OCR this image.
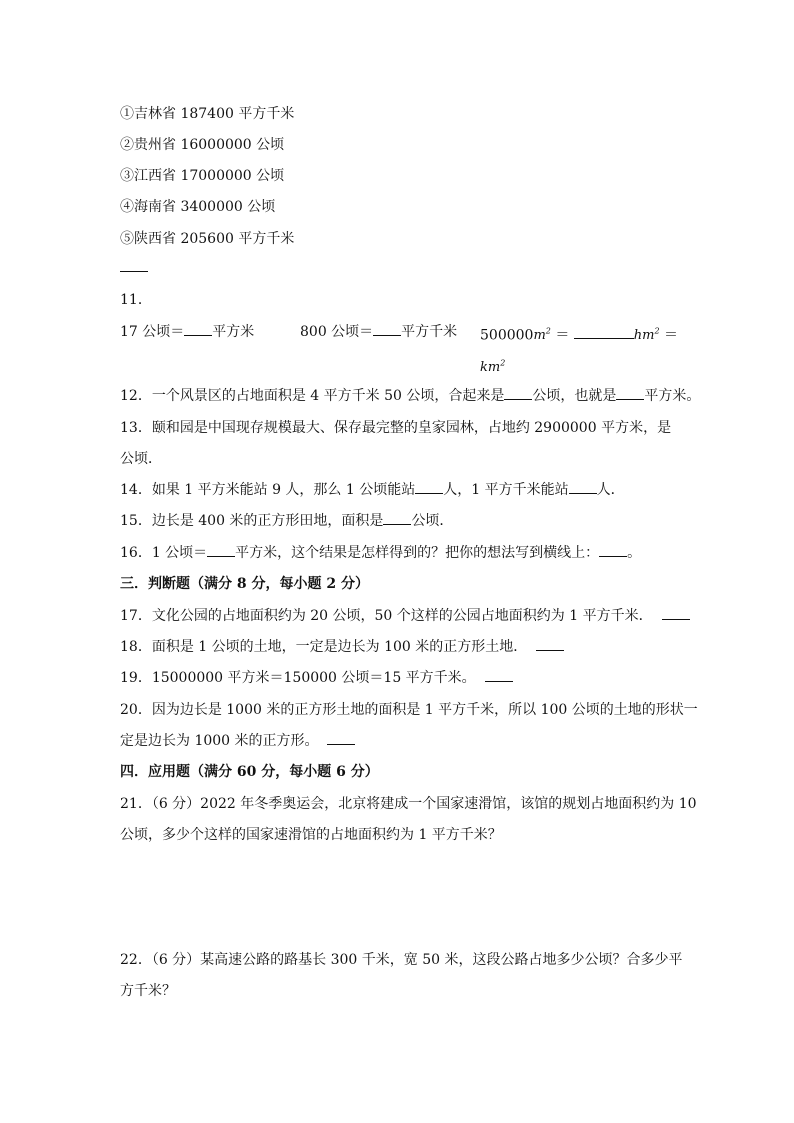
①吉林省 187400 平方千米
②贵州省 16000000 公顷
③江西省 17000000 公顷
④海南省 3400000 公顷
⑤陕西省 205600 平方千米
11．
17 公顷＝ 平方米	800 公顷＝ 平方千米 $500000m^2$ ＝	$hm^2$ ＝
$km^2$
12．一个风景区的占地面积是 4 平方千米 50 公顷，合起来是 公顷，也就是 平方米。
13．颐和园是中国现存规模最大、保存最完整的皇家园林，占地约 2900000 平方米，是
公顷．
14．如果 1 平方米能站 9 人，那么 1 公顷能站 人，1 平方千米能站 人．
15．边长是 400 米的正方形田地，面积是 公顷．
16．1 公顷＝ 平方米，这个结果是怎样得到的？把你的想法写到横线上： 。
三．判断题（满分 8 分，每小题 2 分）
17．文化公园的占地面积约为 20 公顷，50 个这样的公园占地面积约为 1 平方千米．
18．面积是 1 公顷的土地，一定是边长为 100 米的正方形土地．
19．15000000 平方米＝150000 公顷＝15 平方千米。
20．因为边长是 1000 米的正方形土地的面积是 1 平方千米，所以 100 公顷的土地的形状一
定是边长为 1000 米的正方形。
四．应用题（满分 60 分，每小题 6 分）
21．（6 分）2022 年冬季奥运会，北京将建成一个国家速滑馆，该馆的规划占地面积约为 10
公顷，多少个这样的国家速滑馆的占地面积约为 1 平方千米？
22．（6 分）某高速公路的路基长 300 千米，宽 50 米，这段公路占地多少公顷？合多少平
方千米？
